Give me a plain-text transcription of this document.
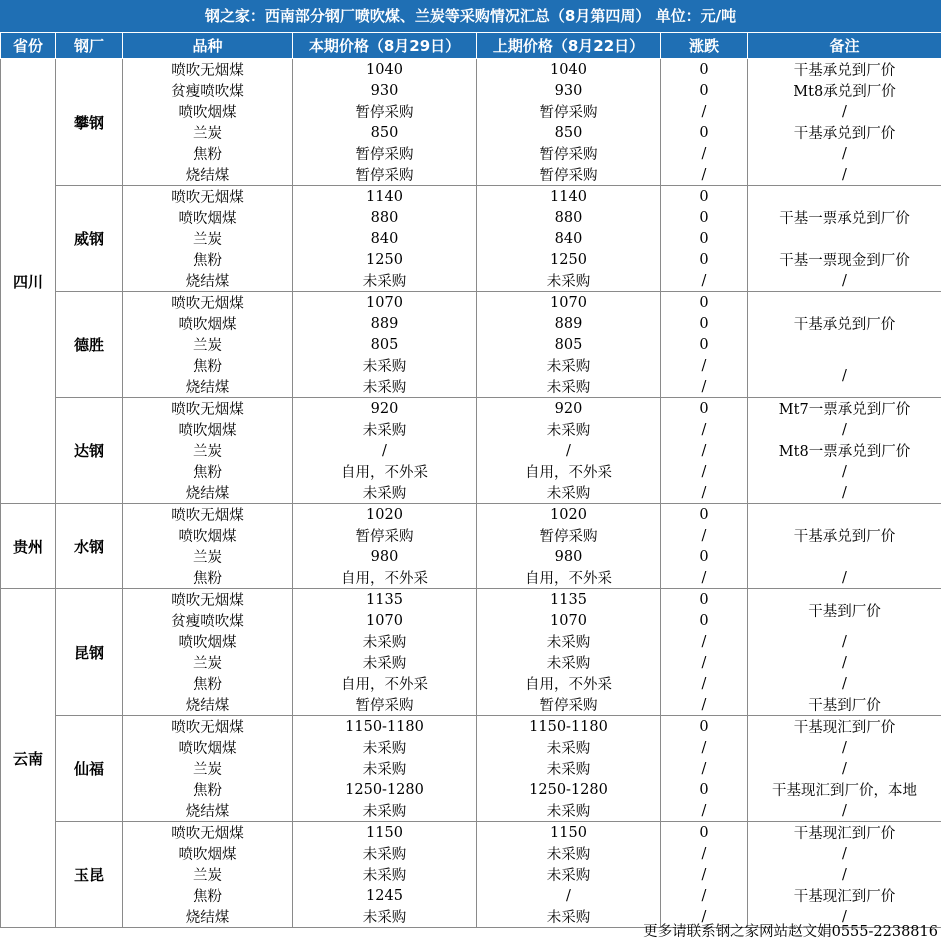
钢之家：西南部分钢厂喷吹煤、兰炭等采购情况汇总（8月第四周） 单位：元/吨
省份	钢厂	品种	本期价格（8月29日）	上期价格（8月22日）	涨跌	备注
四川	攀钢	喷吹无烟煤	1040	1040	0	干基承兑到厂价
		贫瘦喷吹煤	930	930	0	Mt8承兑到厂价
		喷吹烟煤	暂停采购	暂停采购	/	/
		兰炭	850	850	0	干基承兑到厂价
		焦粉	暂停采购	暂停采购	/	/
		烧结煤	暂停采购	暂停采购	/	/
	威钢	喷吹无烟煤	1140	1140	0	干基一票承兑到厂价
		喷吹烟煤	880	880	0	
		兰炭	840	840	0	
		焦粉	1250	1250	0	干基一票现金到厂价
		烧结煤	未采购	未采购	/	/
	德胜	喷吹无烟煤	1070	1070	0	干基承兑到厂价
		喷吹烟煤	889	889	0	
		兰炭	805	805	0	
		焦粉	未采购	未采购	/	/
		烧结煤	未采购	未采购	/	
	达钢	喷吹无烟煤	920	920	0	Mt7一票承兑到厂价
		喷吹烟煤	未采购	未采购	/	/
		兰炭	/	/	/	Mt8一票承兑到厂价
		焦粉	自用，不外采	自用，不外采	/	/
		烧结煤	未采购	未采购	/	/
贵州	水钢	喷吹无烟煤	1020	1020	0	干基承兑到厂价
		喷吹烟煤	暂停采购	暂停采购	/	
		兰炭	980	980	0	
		焦粉	自用，不外采	自用，不外采	/	/
云南	昆钢	喷吹无烟煤	1135	1135	0	干基到厂价
		贫瘦喷吹煤	1070	1070	0	
		喷吹烟煤	未采购	未采购	/	/
		兰炭	未采购	未采购	/	/
		焦粉	自用，不外采	自用，不外采	/	/
		烧结煤	暂停采购	暂停采购	/	干基到厂价
	仙福	喷吹无烟煤	1150-1180	1150-1180	0	干基现汇到厂价
		喷吹烟煤	未采购	未采购	/	/
		兰炭	未采购	未采购	/	/
		焦粉	1250-1280	1250-1280	0	干基现汇到厂价，本地
		烧结煤	未采购	未采购	/	/
	玉昆	喷吹无烟煤	1150	1150	0	干基现汇到厂价
		喷吹烟煤	未采购	未采购	/	/
		兰炭	未采购	未采购	/	/
		焦粉	1245	/	/	干基现汇到厂价
		烧结煤	未采购	未采购	/	/
更多请联系钢之家网站赵文娟0555-2238816
